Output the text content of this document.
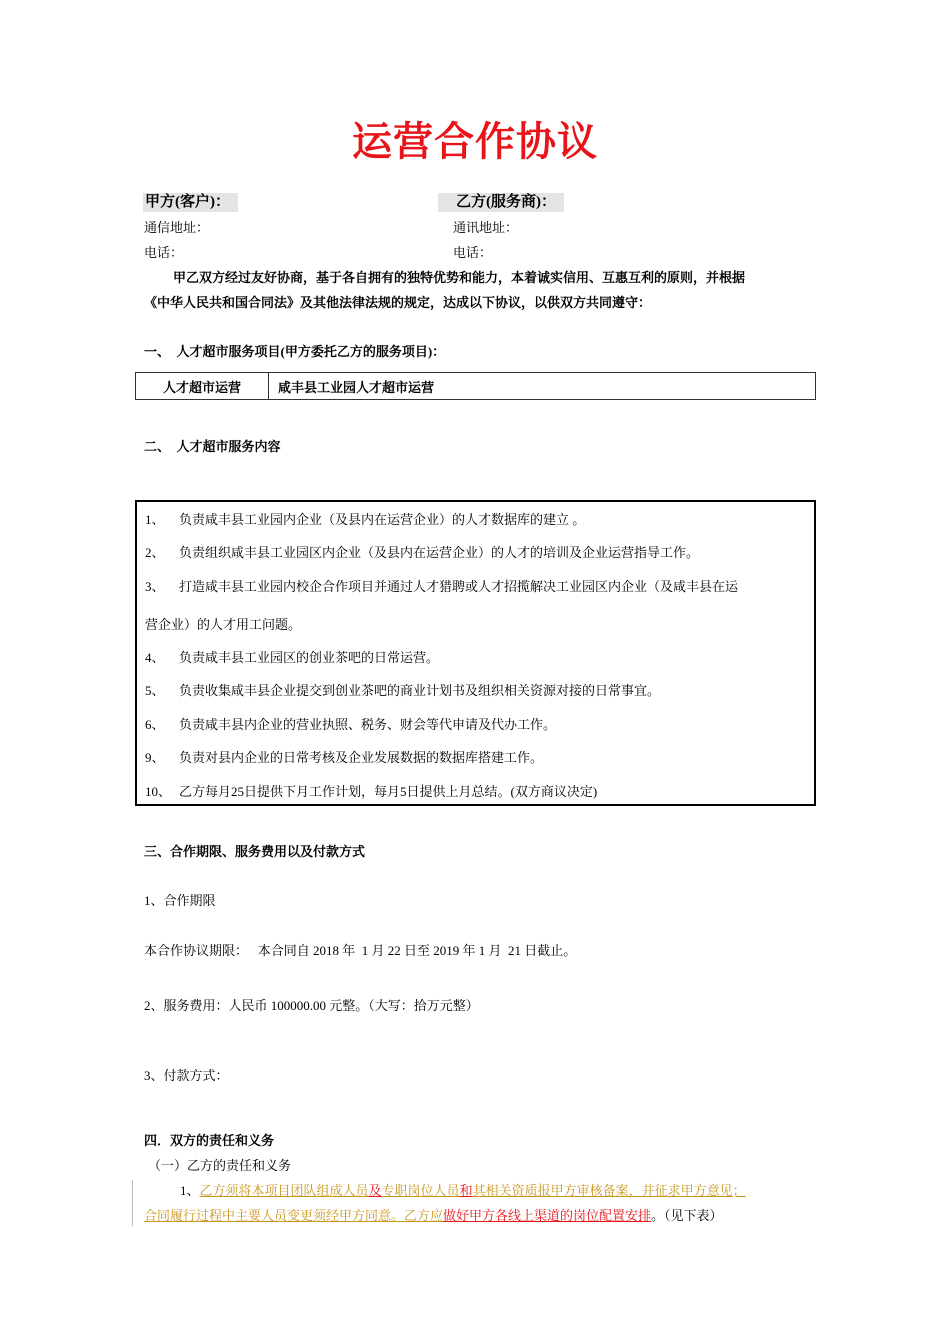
运营合作协议
甲方(客户)：	乙方(服务商)：
通信地址：	通讯地址：
电话：	电话：
甲乙双方经过友好协商，基于各自拥有的独特优势和能力，本着诚实信用、互惠互利的原则，并根据
《中华人民共和国合同法》及其他法律法规的规定，达成以下协议，以供双方共同遵守：
一、  人才超市服务项目(甲方委托乙方的服务项目)：
人才超市运营	咸丰县工业园人才超市运营
二、  人才超市服务内容
1、 负责咸丰县工业园内企业（及县内在运营企业）的人才数据库的建立 。
2、 负责组织咸丰县工业园区内企业（及县内在运营企业）的人才的培训及企业运营指导工作。
3、 打造咸丰县工业园内校企合作项目并通过人才猎聘或人才招揽解决工业园区内企业（及咸丰县在运
营企业）的人才用工问题。
4、 负责咸丰县工业园区的创业茶吧的日常运营。
5、 负责收集咸丰县企业提交到创业茶吧的商业计划书及组织相关资源对接的日常事宜。
6、 负责咸丰县内企业的营业执照、税务、财会等代申请及代办工作。
9、 负责对县内企业的日常考核及企业发展数据的数据库搭建工作。
10、 乙方每月25日提供下月工作计划，每月5日提供上月总结。(双方商议决定)
三、合作期限、服务费用以及付款方式
1、合作期限
本合作协议期限：   本合同自 2018 年  1 月 22 日至 2019 年 1 月  21 日截止。
2、服务费用：人民币 100000.00 元整。（大写：拾万元整）
3、付款方式：
四．双方的责任和义务
（一）乙方的责任和义务
1、乙方须将本项目团队组成人员及专职岗位人员和其相关资质报甲方审核备案，并征求甲方意见；
合同履行过程中主要人员变更须经甲方同意。乙方应做好甲方各线上渠道的岗位配置安排。（见下表）
